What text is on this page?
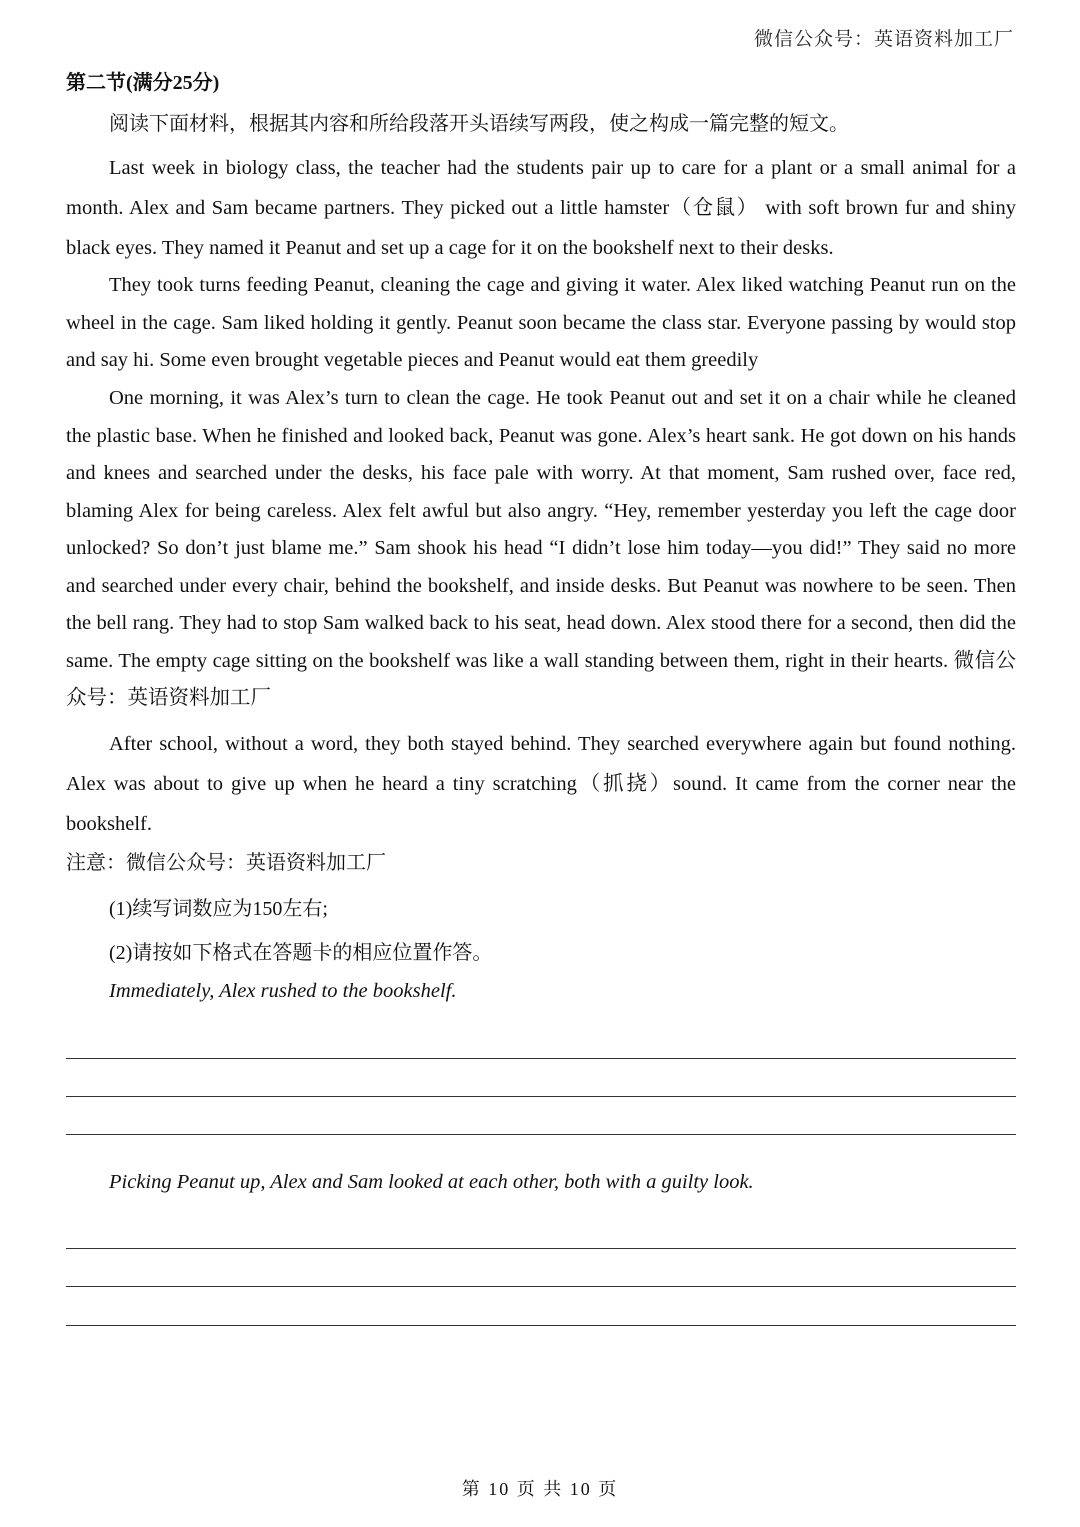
微信公众号：英语资料加工厂
第二节(满分25分)
阅读下面材料，根据其内容和所给段落开头语续写两段，使之构成一篇完整的短文。
Last week in biology class, the teacher had the students pair up to care for a plant or a small animal for a month. Alex and Sam became partners. They picked out a little hamster（仓鼠） with soft brown fur and shiny black eyes. They named it Peanut and set up a cage for it on the bookshelf next to their desks.
They took turns feeding Peanut, cleaning the cage and giving it water. Alex liked watching Peanut run on the wheel in the cage. Sam liked holding it gently. Peanut soon became the class star. Everyone passing by would stop and say hi. Some even brought vegetable pieces and Peanut would eat them greedily
One morning, it was Alex’s turn to clean the cage. He took Peanut out and set it on a chair while he cleaned the plastic base. When he finished and looked back, Peanut was gone. Alex’s heart sank. He got down on his hands and knees and searched under the desks, his face pale with worry. At that moment, Sam rushed over, face red, blaming Alex for being careless. Alex felt awful but also angry. “Hey, remember yesterday you left the cage door unlocked? So don’t just blame me.” Sam shook his head “I didn’t lose him today—you did!” They said no more and searched under every chair, behind the bookshelf, and inside desks. But Peanut was nowhere to be seen. Then the bell rang. They had to stop Sam walked back to his seat, head down. Alex stood there for a second, then did the same. The empty cage sitting on the bookshelf was like a wall standing between them, right in their hearts. 微信公众号：英语资料加工厂
After school, without a word, they both stayed behind. They searched everywhere again but found nothing. Alex was about to give up when he heard a tiny scratching（抓挠）sound. It came from the corner near the bookshelf.
注意：微信公众号：英语资料加工厂
(1)续写词数应为150左右;
(2)请按如下格式在答题卡的相应位置作答。
Immediately, Alex rushed to the bookshelf.
Picking Peanut up, Alex and Sam looked at each other, both with a guilty look.
第 10 页 共 10 页
